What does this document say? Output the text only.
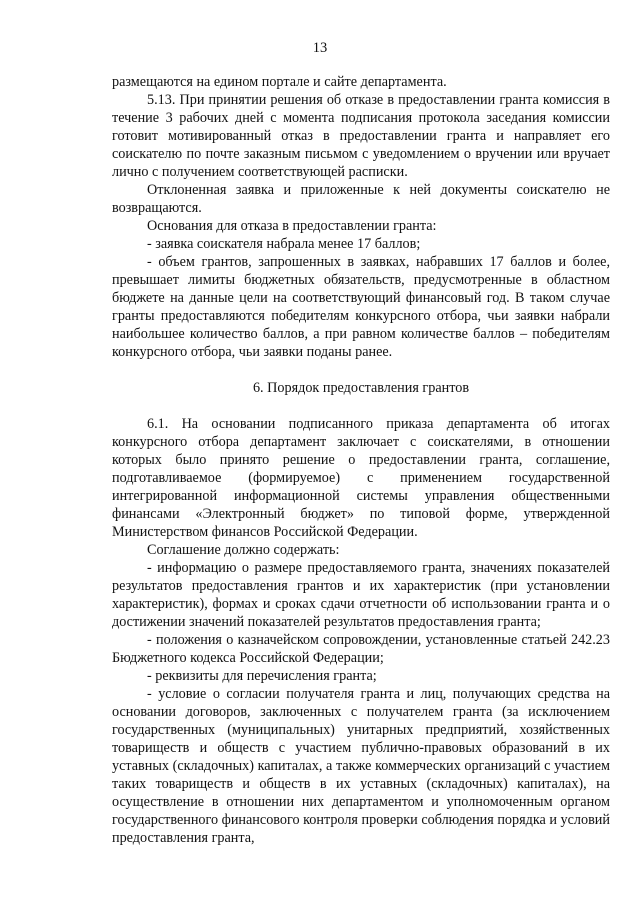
13

размещаются на едином портале и сайте департамента.

5.13. При принятии решения об отказе в предоставлении гранта комиссия в течение 3 рабочих дней с момента подписания протокола заседания комиссии готовит мотивированный отказ в предоставлении гранта и направляет его соискателю по почте заказным письмом с уведомлением о вручении или вручает лично с получением соответствующей расписки.

Отклоненная заявка и приложенные к ней документы соискателю не возвращаются.

Основания для отказа в предоставлении гранта:

- заявка соискателя набрала менее 17 баллов;

- объем грантов, запрошенных в заявках, набравших 17 баллов и более, превышает лимиты бюджетных обязательств, предусмотренные в областном бюджете на данные цели на соответствующий финансовый год. В таком случае гранты предоставляются победителям конкурсного отбора, чьи заявки набрали наибольшее количество баллов, а при равном количестве баллов – победителям конкурсного отбора, чьи заявки поданы ранее.

6. Порядок предоставления грантов

6.1. На основании подписанного приказа департамента об итогах конкурсного отбора департамент заключает с соискателями, в отношении которых было принято решение о предоставлении гранта, соглашение, подготавливаемое (формируемое) с применением государственной интегрированной информационной системы управления общественными финансами «Электронный бюджет» по типовой форме, утвержденной Министерством финансов Российской Федерации.

Соглашение должно содержать:

- информацию о размере предоставляемого гранта, значениях показателей результатов предоставления грантов и их характеристик (при установлении характеристик), формах и сроках сдачи отчетности об использовании гранта и о достижении значений показателей результатов предоставления гранта;

- положения о казначейском сопровождении, установленные статьей 242.23 Бюджетного кодекса Российской Федерации;

- реквизиты для перечисления гранта;

- условие о согласии получателя гранта и лиц, получающих средства на основании договоров, заключенных с получателем гранта (за исключением государственных (муниципальных) унитарных предприятий, хозяйственных товариществ и обществ с участием публично-правовых образований в их уставных (складочных) капиталах, а также коммерческих организаций с участием таких товариществ и обществ в их уставных (складочных) капиталах), на осуществление в отношении них департаментом и уполномоченным органом государственного финансового контроля проверки соблюдения порядка и условий предоставления гранта,
